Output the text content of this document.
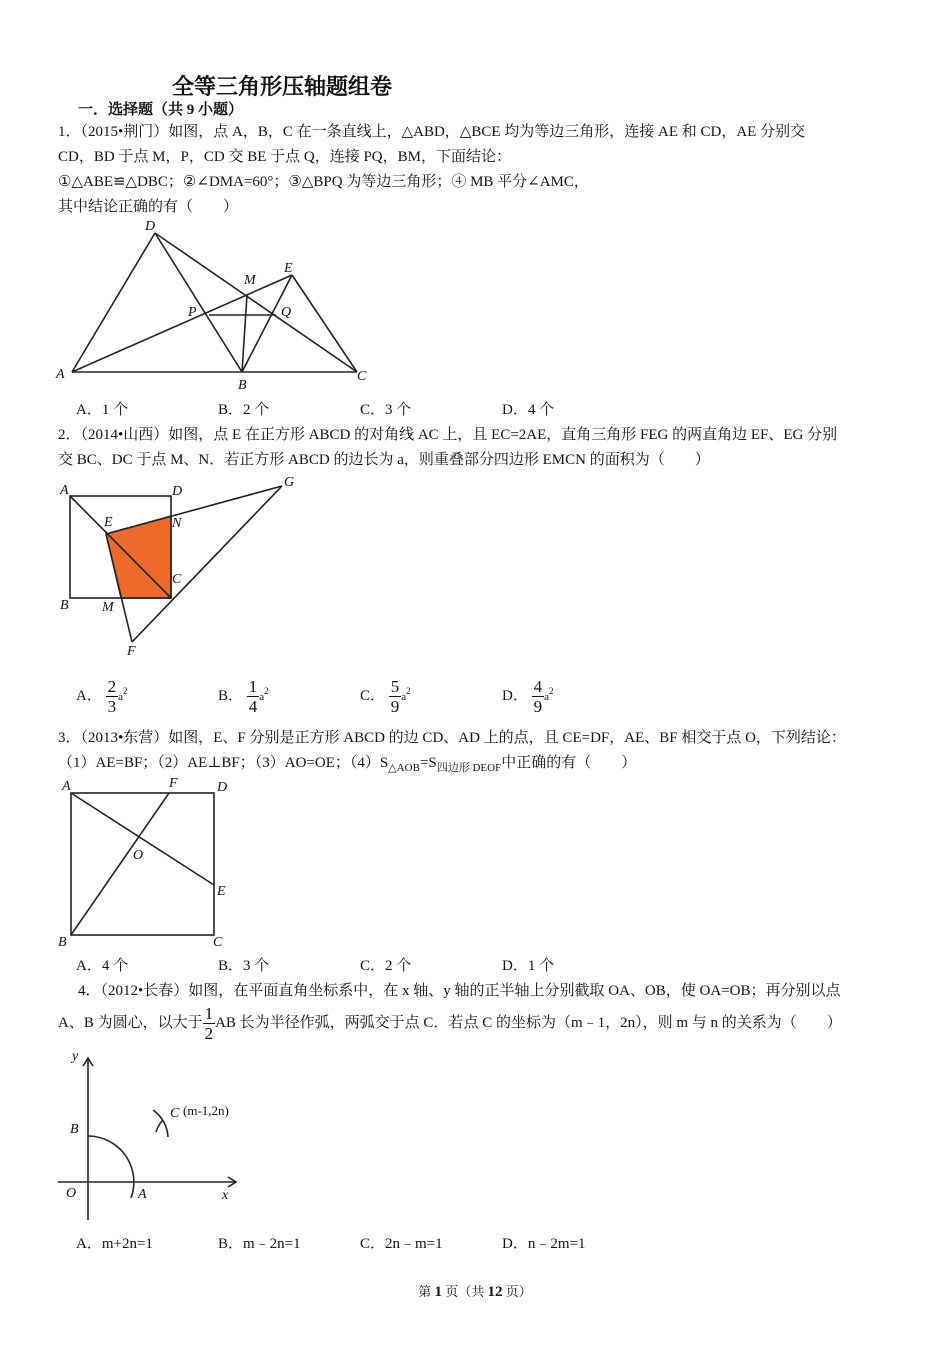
全等三角形压轴题组卷
一．选择题（共 9 小题）
1．（2015•荆门）如图，点 A，B，C 在一条直线上，△ABD，△BCE 均为等边三角形，连接 AE 和 CD，AE 分别交
CD，BD 于点 M，P，CD 交 BE 于点 Q，连接 PQ，BM，下面结论：
①△ABE≌△DBC；②∠DMA=60°；③△BPQ 为等边三角形；④ MB 平分∠AMC，
其中结论正确的有（　　）
A
B
C
D
E
M
P	Q
A．1 个	B．2 个	C．3 个	D．4 个
2．（2014•山西）如图，点 E 在正方形 ABCD 的对角线 AC 上，且 EC=2AE，直角三角形 FEG 的两直角边 EF、EG 分别
交 BC、DC 于点 M、N．若正方形 ABCD 的边长为 a，则重叠部分四边形 EMCN 的面积为（　　）
A
B
C
D
E
F
G
M
N
A． $\frac{2}{3} a^2$	B． $\frac{1}{4} a^2$	C． $\frac{5}{9} a^2$	D． $\frac{4}{9} a^2$
3．（2013•东营）如图，E、F 分别是正方形 ABCD 的边 CD、AD 上的点，且 CE=DF，AE、BF 相交于点 O，下列结论：
（1）AE=BF；（2）AE⊥BF；（3）AO=OE；$(4)S_{\triangle AOB}=S_{四边形 DEOF}$中正确的有（　　）
A
B	C
D
E
F
O
A．4 个	B．3 个	C．2 个	D．1 个
4．（2012•长春）如图，在平面直角坐标系中，在 x 轴、y 轴的正半轴上分别截取 OA、OB，使 OA=OB；再分别以点
A、B 为圆心，以大于 $\frac{1}{2}$ AB 长为半径作弧，两弧交于点 C．若点 C 的坐标为（m﹣1，2n），则 m 与 n 的关系为（　　）
y
x
O	A
B
C (m-1,2n)
A．m+2n=1	B．m﹣2n=1	C．2n﹣m=1	D．n﹣2m=1
第 1 页（共 12 页）
